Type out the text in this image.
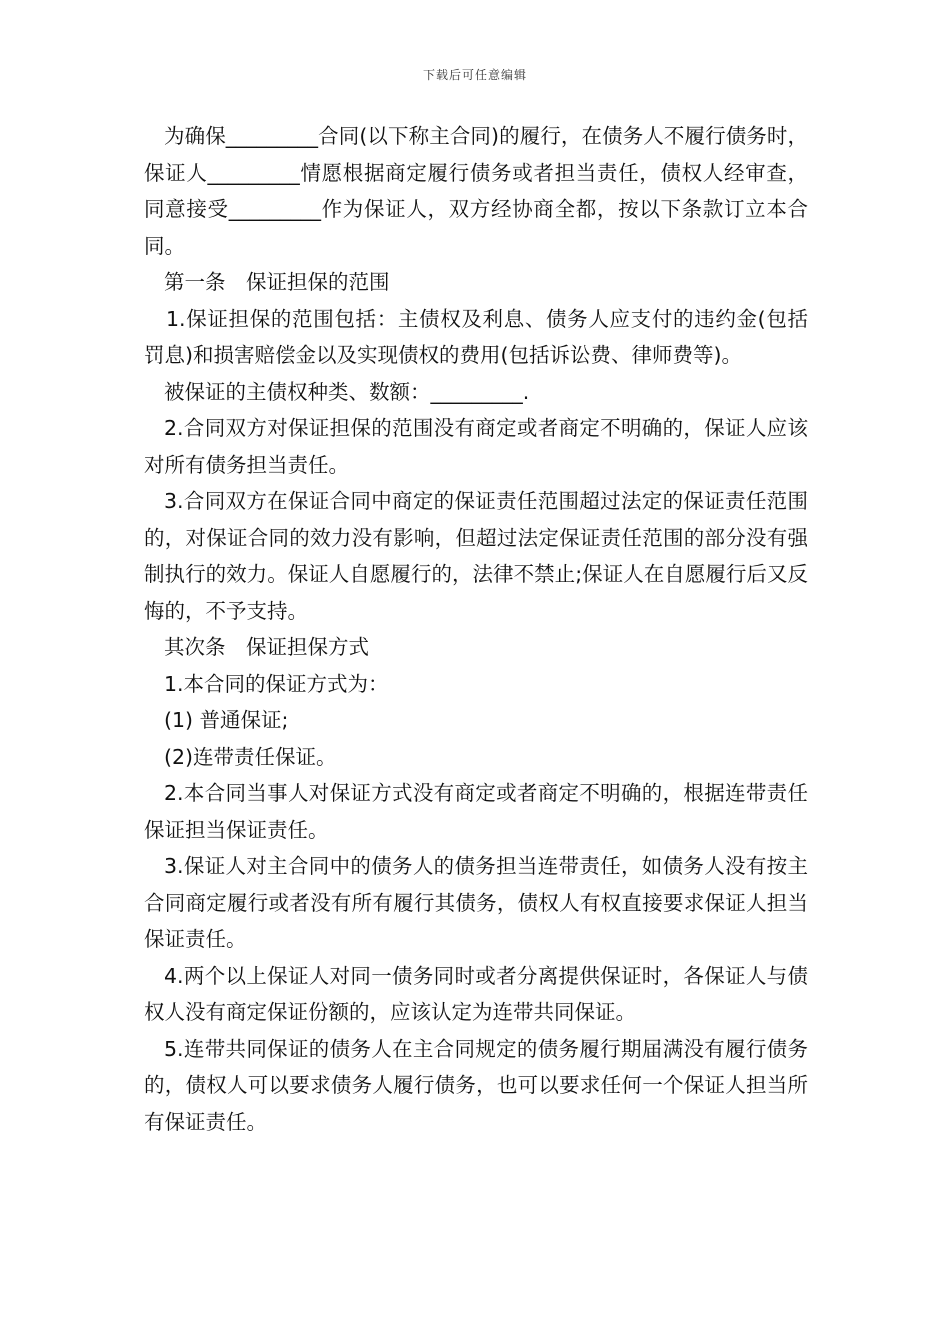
下载后可任意编辑

为确保_________合同(以下称主合同)的履行，在债务人不履行债务时，保证人_________情愿根据商定履行债务或者担当责任，债权人经审查，同意接受_________作为保证人，双方经协商全都，按以下条款订立本合同。

第一条　保证担保的范围

1.保证担保的范围包括：主债权及利息、债务人应支付的违约金(包括罚息)和损害赔偿金以及实现债权的费用(包括诉讼费、律师费等)。

被保证的主债权种类、数额：_________.

2.合同双方对保证担保的范围没有商定或者商定不明确的，保证人应该对所有债务担当责任。

3.合同双方在保证合同中商定的保证责任范围超过法定的保证责任范围的，对保证合同的效力没有影响，但超过法定保证责任范围的部分没有强制执行的效力。保证人自愿履行的，法律不禁止;保证人在自愿履行后又反悔的，不予支持。

其次条　保证担保方式

1.本合同的保证方式为：

(1) 普通保证;

(2)连带责任保证。

2.本合同当事人对保证方式没有商定或者商定不明确的，根据连带责任保证担当保证责任。

3.保证人对主合同中的债务人的债务担当连带责任，如债务人没有按主合同商定履行或者没有所有履行其债务，债权人有权直接要求保证人担当保证责任。

4.两个以上保证人对同一债务同时或者分离提供保证时，各保证人与债权人没有商定保证份额的，应该认定为连带共同保证。

5.连带共同保证的债务人在主合同规定的债务履行期届满没有履行债务的，债权人可以要求债务人履行债务，也可以要求任何一个保证人担当所有保证责任。
